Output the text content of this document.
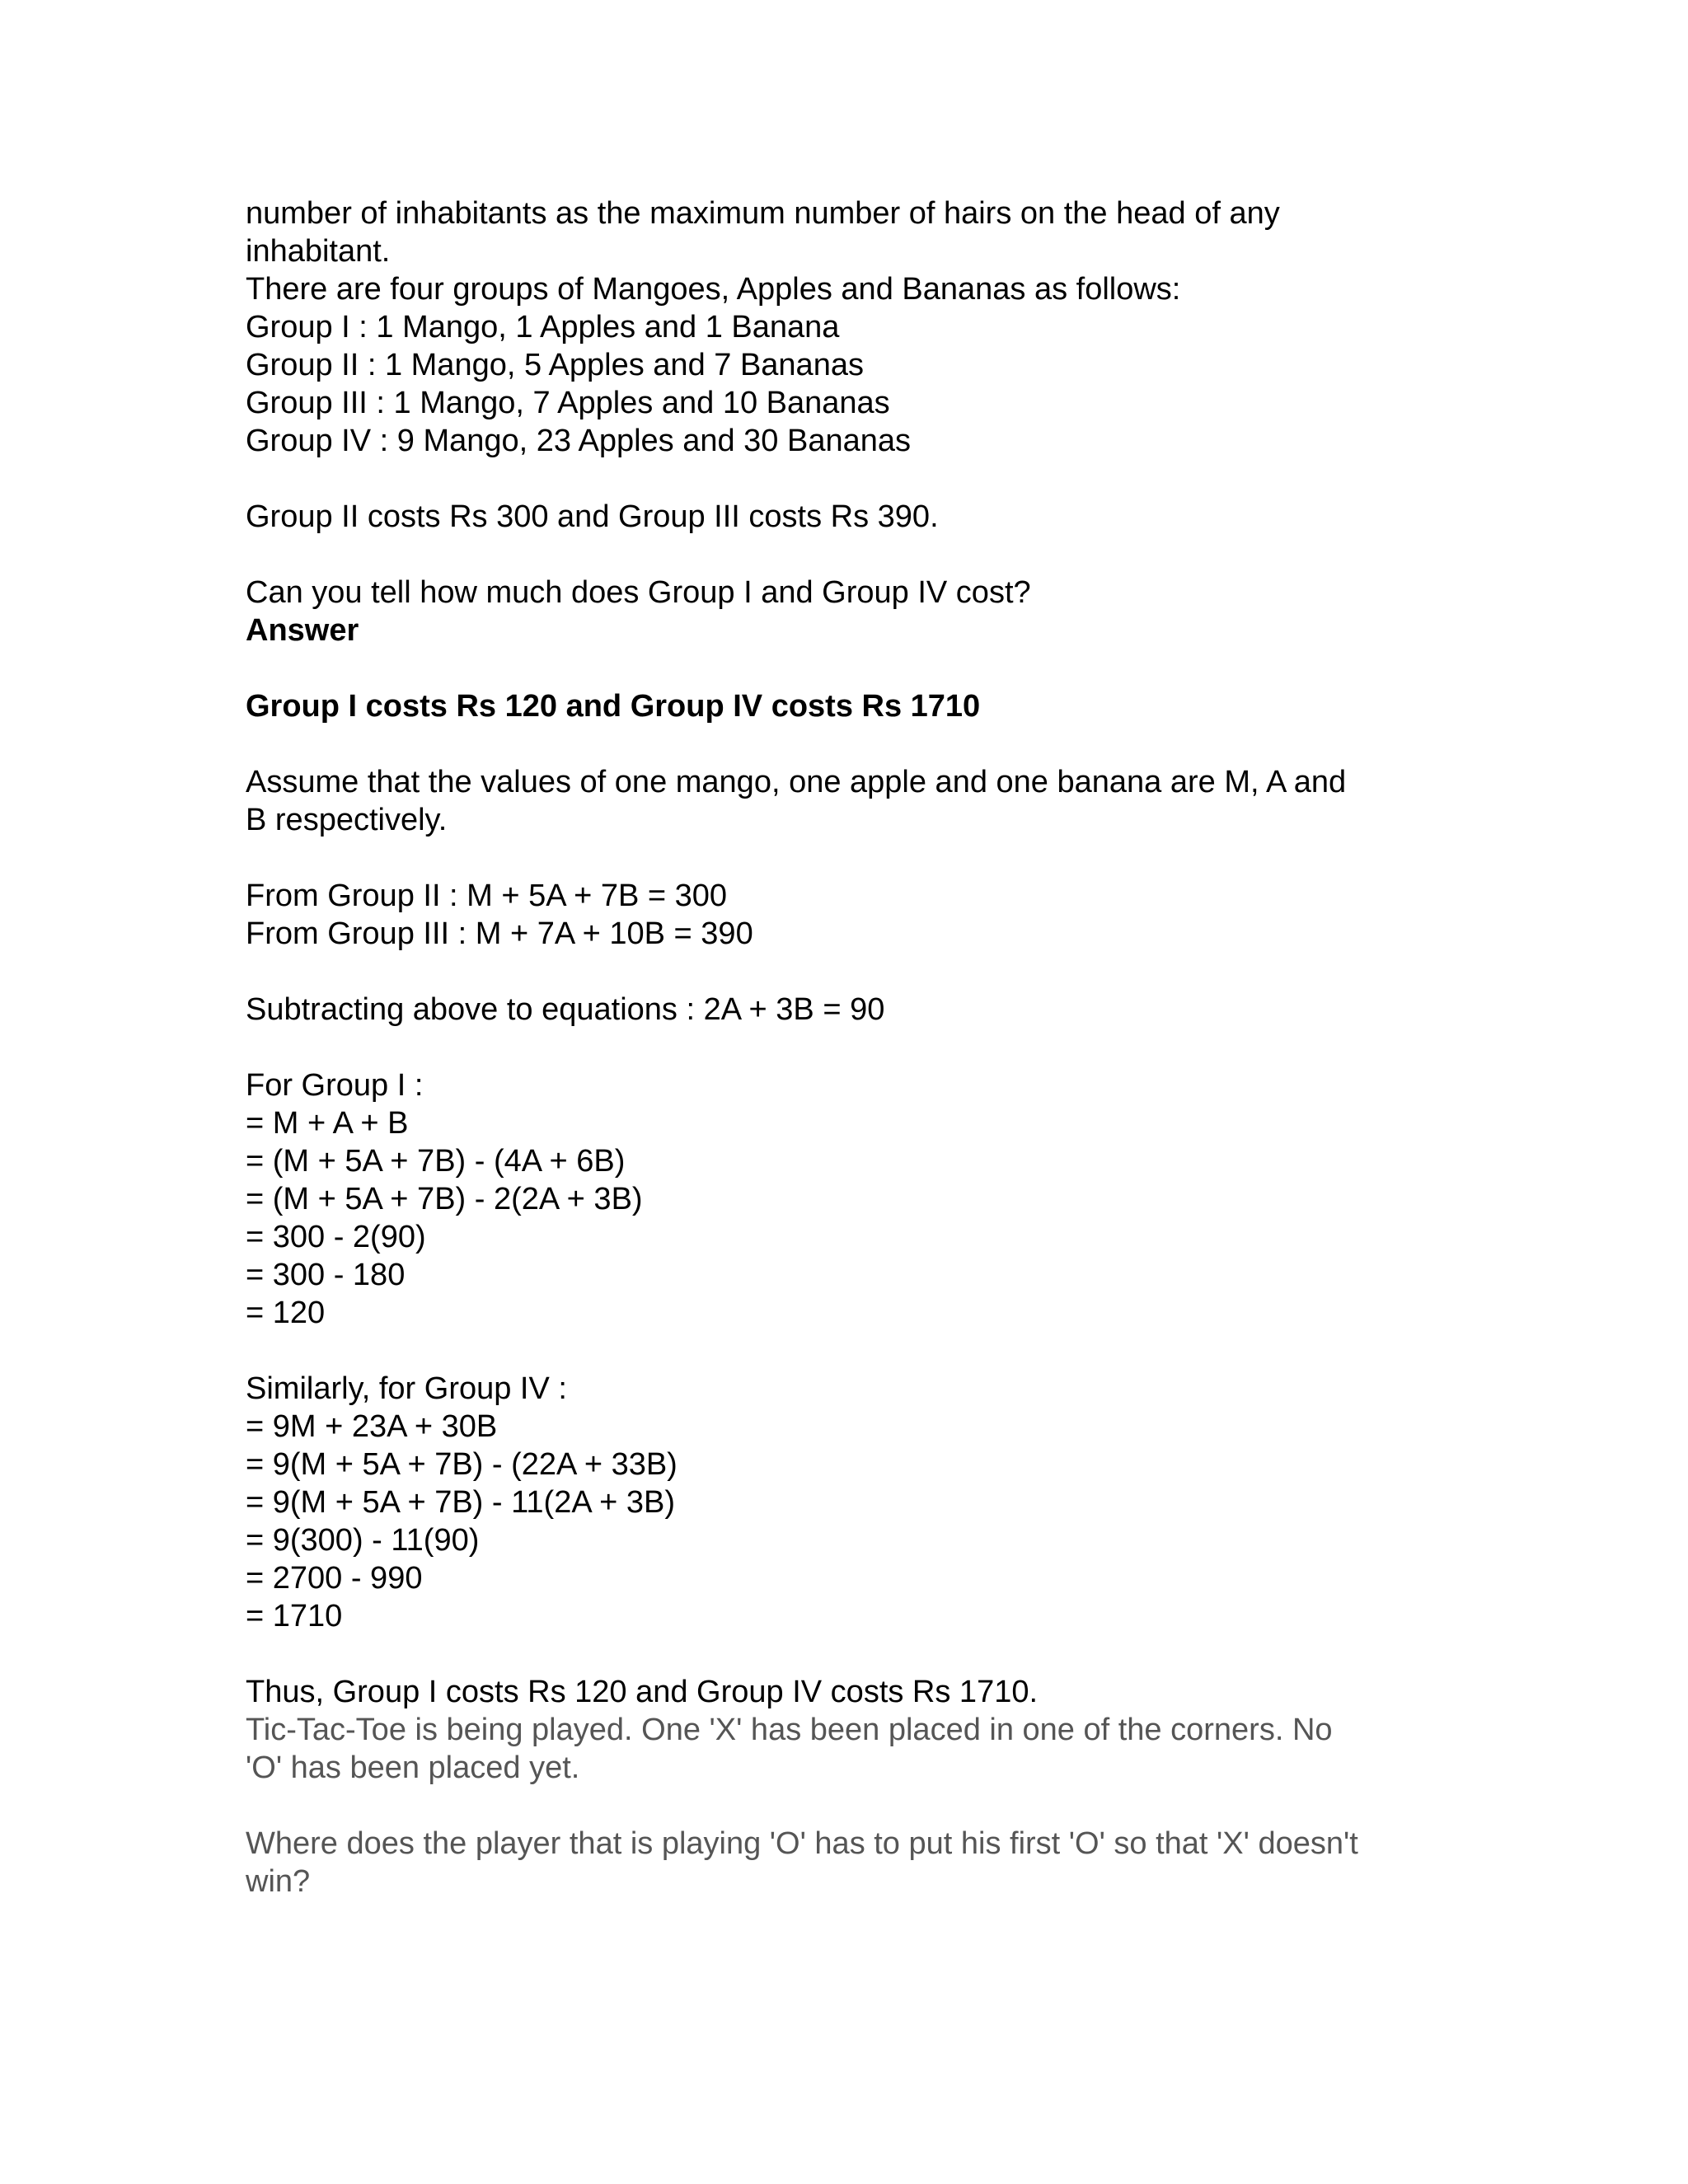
number of inhabitants as the maximum number of hairs on the head of any
inhabitant.
There are four groups of Mangoes, Apples and Bananas as follows:
Group I : 1 Mango, 1 Apples and 1 Banana
Group II : 1 Mango, 5 Apples and 7 Bananas
Group III : 1 Mango, 7 Apples and 10 Bananas
Group IV : 9 Mango, 23 Apples and 30 Bananas
Group II costs Rs 300 and Group III costs Rs 390.
Can you tell how much does Group I and Group IV cost?
Answer
Group I costs Rs 120 and Group IV costs Rs 1710
Assume that the values of one mango, one apple and one banana are M, A and
B respectively.
From Group II : M + 5A + 7B = 300
From Group III : M + 7A + 10B = 390
Subtracting above to equations : 2A + 3B = 90
For Group I :
= M + A + B
= (M + 5A + 7B) - (4A + 6B)
= (M + 5A + 7B) - 2(2A + 3B)
= 300 - 2(90)
= 300 - 180
= 120
Similarly, for Group IV :
= 9M + 23A + 30B
= 9(M + 5A + 7B) - (22A + 33B)
= 9(M + 5A + 7B) - 11(2A + 3B)
= 9(300) - 11(90)
= 2700 - 990
= 1710
Thus, Group I costs Rs 120 and Group IV costs Rs 1710.
Tic-Tac-Toe is being played. One 'X' has been placed in one of the corners. No
'O' has been placed yet.
Where does the player that is playing 'O' has to put his first 'O' so that 'X' doesn't
win?
